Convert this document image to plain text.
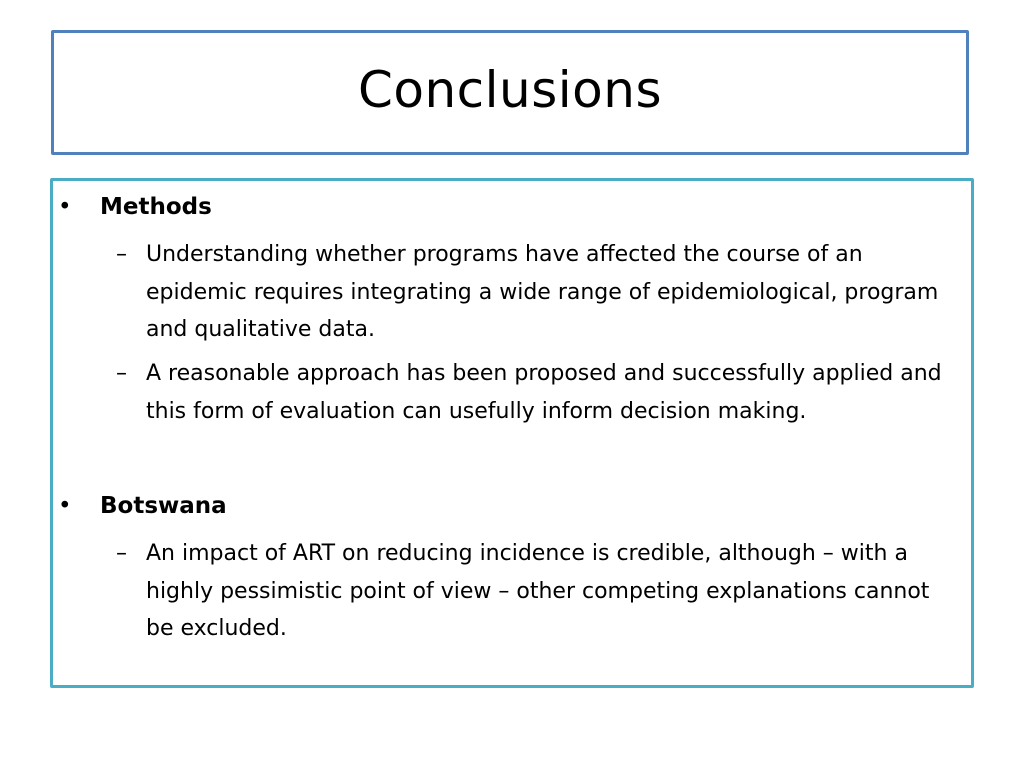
Conclusions
• Methods
– Understanding whether programs have affected the course of an epidemic requires integrating a wide range of epidemiological, program and qualitative data.
– A reasonable approach has been proposed and successfully applied and this form of evaluation can usefully inform decision making.
• Botswana
– An impact of ART on reducing incidence is credible, although – with a highly pessimistic point of view – other competing explanations cannot be excluded.
